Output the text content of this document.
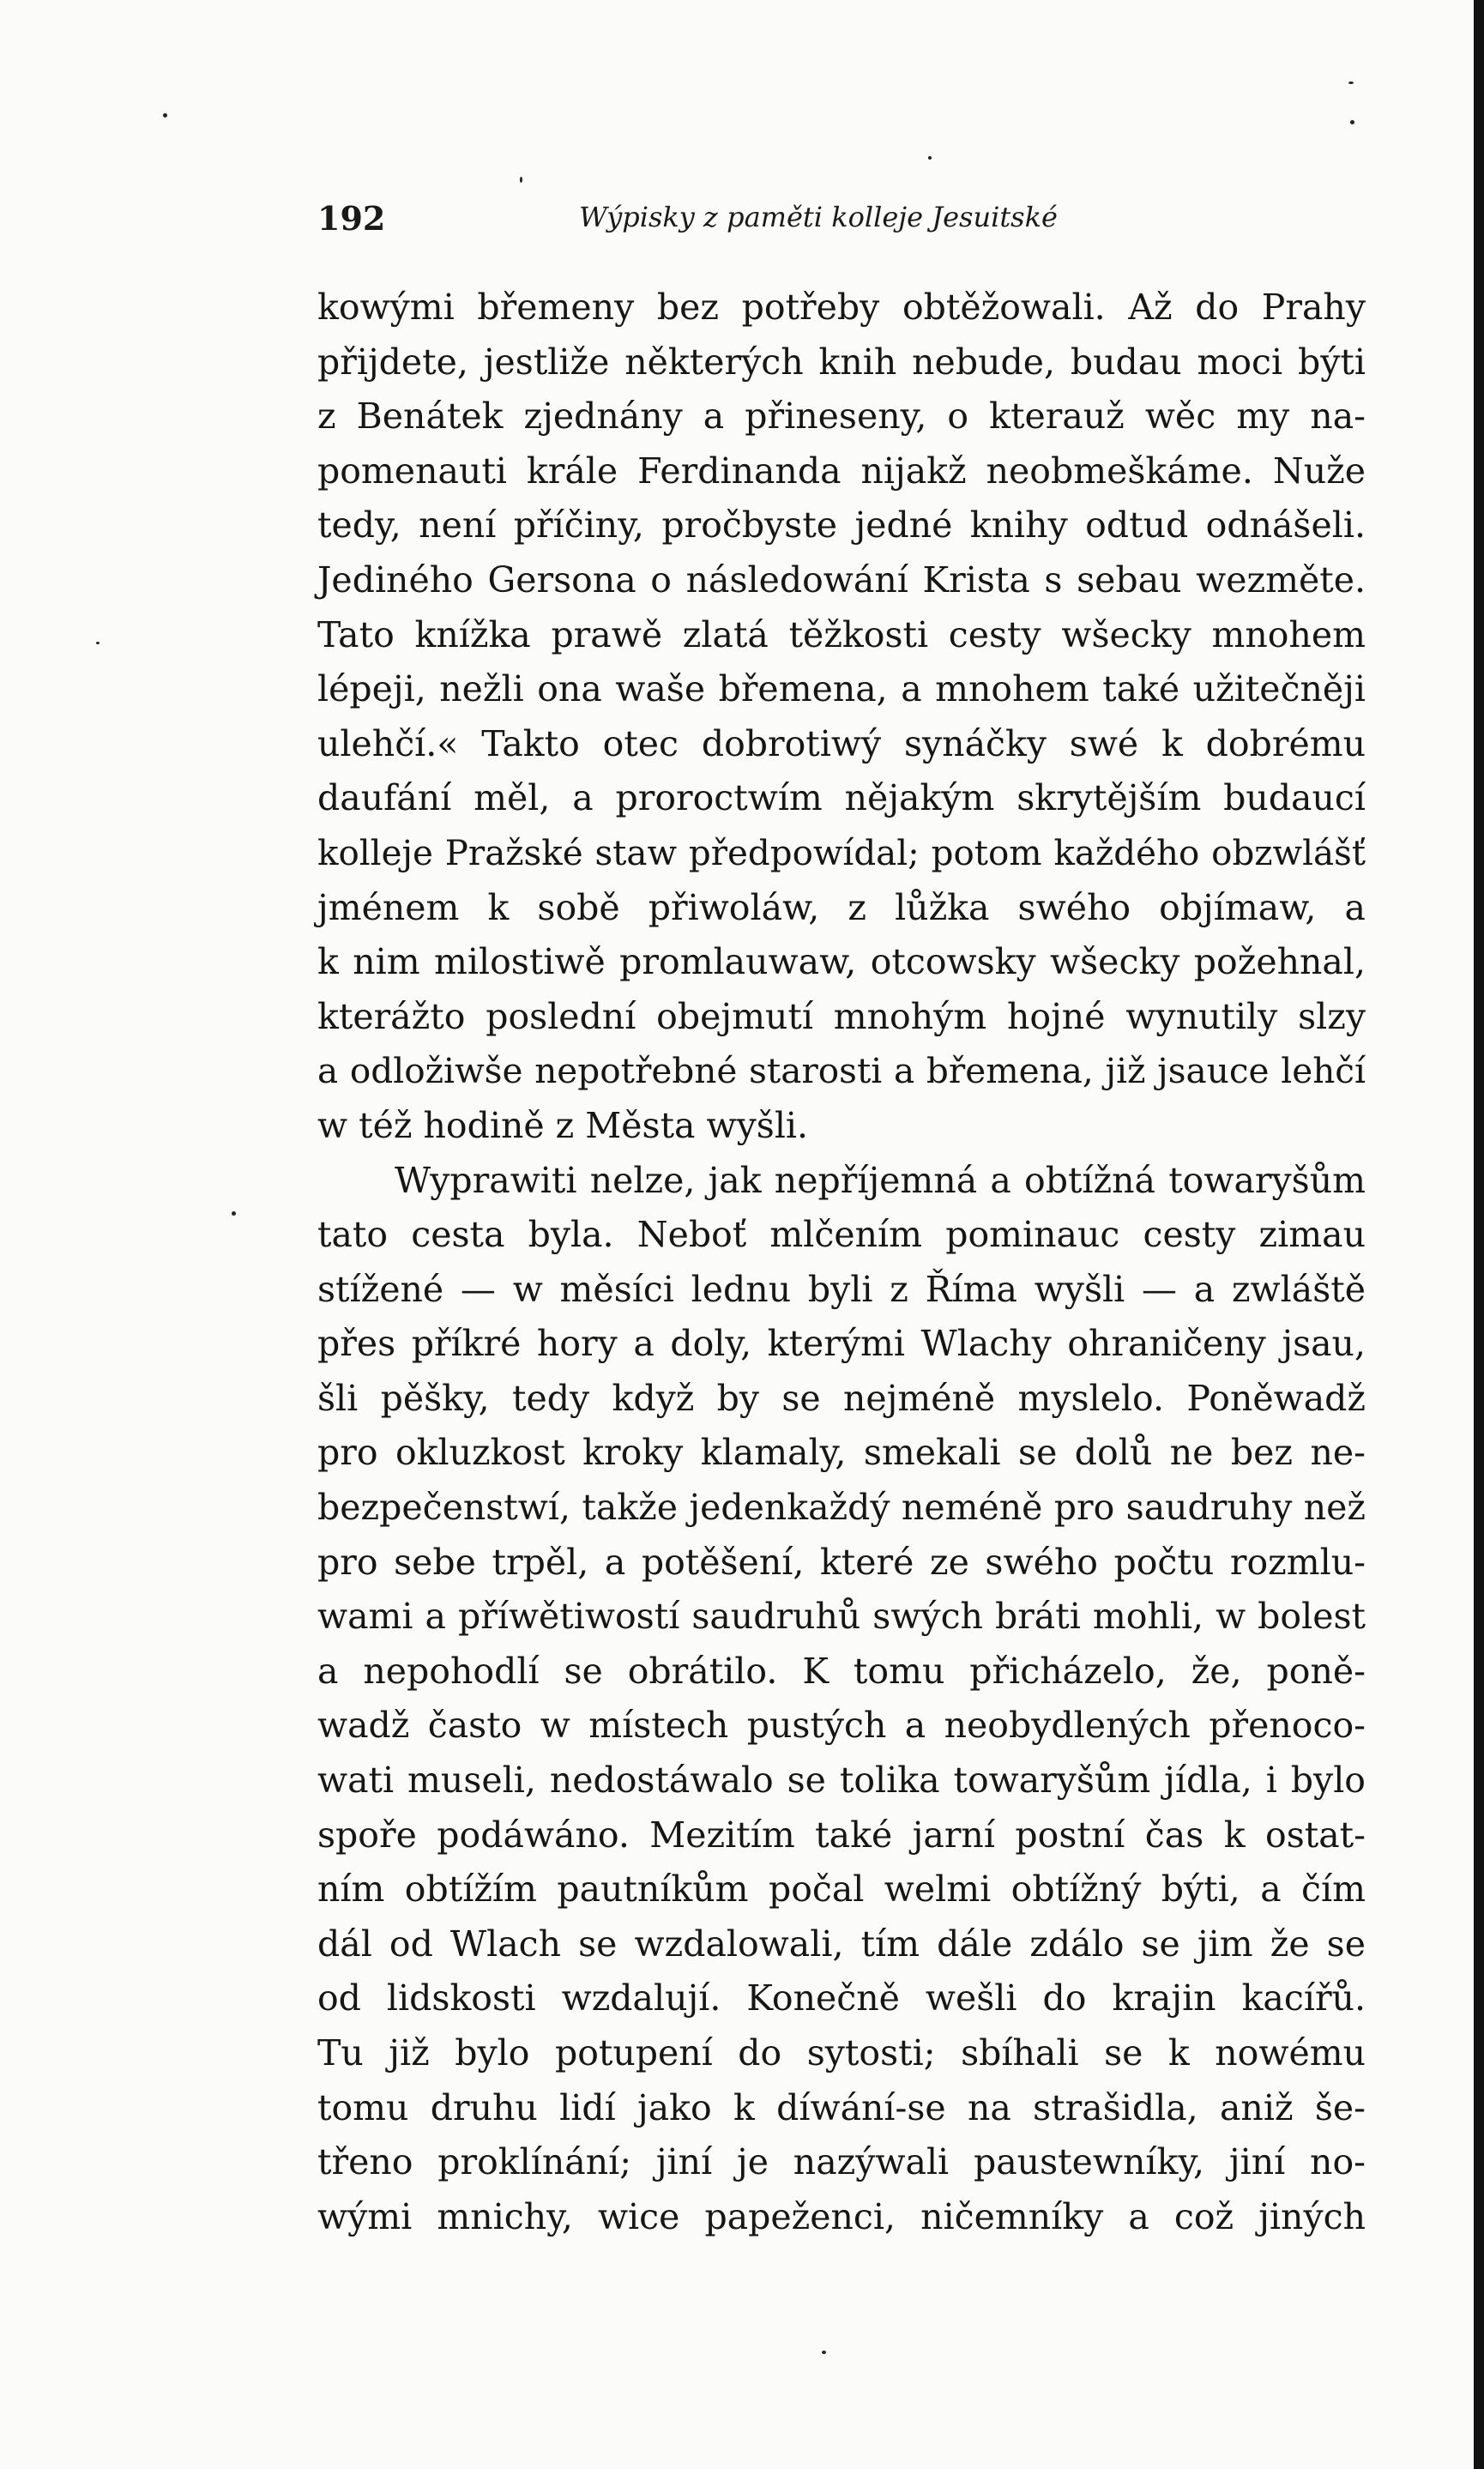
192	Wýpisky z paměti kolleje Jesuitské
kowými břemeny bez potřeby obtěžowali. Až do Prahy
přijdete, jestliže některých knih nebude, budau moci býti
z Benátek zjednány a přineseny, o kterauž wěc my na-
pomenauti krále Ferdinanda nijakž neobmeškáme. Nuže
tedy, není příčiny, pročbyste jedné knihy odtud odnášeli.
Jediného Gersona o následowání Krista s sebau wezměte.
Tato knížka prawě zlatá těžkosti cesty wšecky mnohem
lépeji, nežli ona waše břemena, a mnohem také užitečněji
ulehčí.« Takto otec dobrotiwý synáčky swé k dobrému
daufání měl, a proroctwím nějakým skrytějším budaucí
kolleje Pražské staw předpowídal; potom každého obzwlášť
jménem k sobě přiwoláw, z lůžka swého objímaw, a
k nim milostiwě promlauwaw, otcowsky wšecky požehnal,
kterážto poslední obejmutí mnohým hojné wynutily slzy
a odložiwše nepotřebné starosti a břemena, již jsauce lehčí
w též hodině z Města wyšli.
Wyprawiti nelze, jak nepříjemná a obtížná towaryšům
tato cesta byla. Neboť mlčením pominauc cesty zimau
stížené — w měsíci lednu byli z Říma wyšli — a zwláště
přes příkré hory a doly, kterými Wlachy ohraničeny jsau,
šli pěšky, tedy když by se nejméně myslelo. Poněwadž
pro okluzkost kroky klamaly, smekali se dolů ne bez ne-
bezpečenstwí, takže jedenkaždý neméně pro saudruhy než
pro sebe trpěl, a potěšení, které ze swého počtu rozmlu-
wami a příwětiwostí saudruhů swých bráti mohli, w bolest
a nepohodlí se obrátilo. K tomu přicházelo, že, poně-
wadž často w místech pustých a neobydlených přenoco-
wati museli, nedostáwalo se tolika towaryšům jídla, i bylo
spoře podáwáno. Mezitím také jarní postní čas k ostat-
ním obtížím pautníkům počal welmi obtížný býti, a čím
dál od Wlach se wzdalowali, tím dále zdálo se jim že se
od lidskosti wzdalují. Konečně wešli do krajin kacířů.
Tu již bylo potupení do sytosti; sbíhali se k nowému
tomu druhu lidí jako k díwání-se na strašidla, aniž še-
třeno proklínání; jiní je nazýwali paustewníky, jiní no-
wými mnichy, wice papeženci, ničemníky a což jiných
